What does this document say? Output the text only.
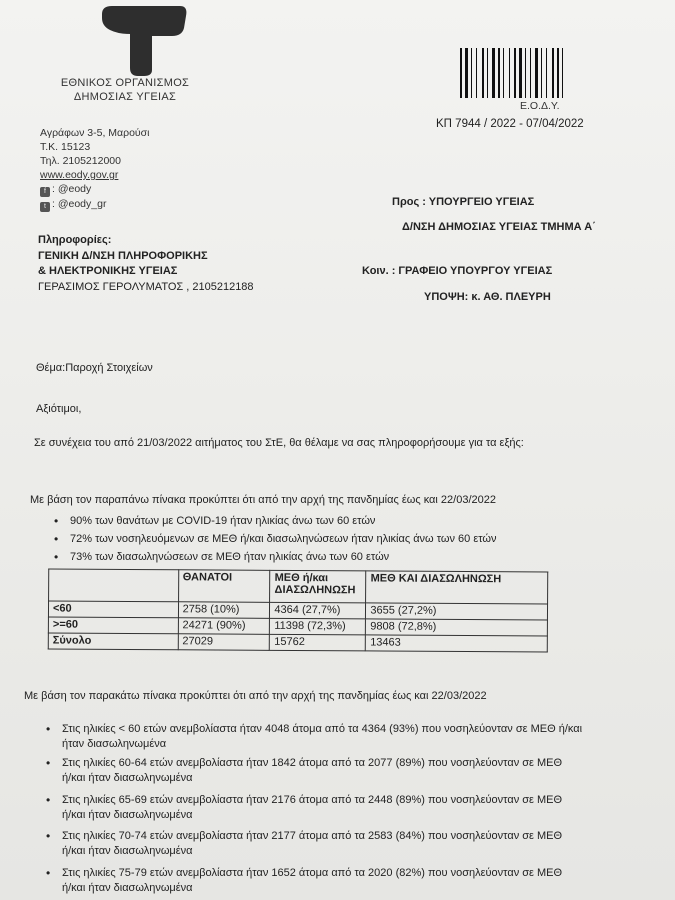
ΕΘΝΙΚΟΣ ΟΡΓΑΝΙΣΜΟΣ
ΔΗΜΟΣΙΑΣ ΥΓΕΙΑΣ
Αγράφων 3-5, Μαρούσι
Τ.Κ. 15123
Τηλ. 2105212000
www.eody.gov.gr
f : @eody
t : @eody_gr
Ε.Ο.Δ.Υ.
ΚΠ 7944 / 2022 - 07/04/2022
Προς : ΥΠΟΥΡΓΕΙΟ ΥΓΕΙΑΣ
Δ/ΝΣΗ ΔΗΜΟΣΙΑΣ ΥΓΕΙΑΣ ΤΜΗΜΑ Α΄
Κοιν. : ΓΡΑΦΕΙΟ ΥΠΟΥΡΓΟΥ ΥΓΕΙΑΣ
ΥΠΟΨΗ: κ. ΑΘ. ΠΛΕΥΡΗ
Πληροφορίες:
ΓΕΝΙΚΗ Δ/ΝΣΗ ΠΛΗΡΟΦΟΡΙΚΗΣ
& ΗΛΕΚΤΡΟΝΙΚΗΣ ΥΓΕΙΑΣ
ΓΕΡΑΣΙΜΟΣ ΓΕΡΟΛΥΜΑΤΟΣ , 2105212188
Θέμα:Παροχή Στοιχείων
Αξιότιμοι,
Σε συνέχεια του από 21/03/2022 αιτήματος του ΣτΕ, θα θέλαμε να σας πληροφορήσουμε για τα εξής:
Με βάση τον παραπάνω πίνακα προκύπτει ότι από την αρχή της πανδημίας έως και 22/03/2022
• 90% των θανάτων με COVID-19 ήταν ηλικίας άνω των 60 ετών
• 72% των νοσηλευόμενων σε ΜΕΘ ή/και διασωληνώσεων ήταν ηλικίας άνω των 60 ετών
• 73% των διασωληνώσεων σε ΜΕΘ ήταν ηλικίας άνω των 60 ετών
	ΘΑΝΑΤΟΙ	ΜΕΘ ή/και ΔΙΑΣΩΛΗΝΩΣΗ	ΜΕΘ ΚΑΙ ΔΙΑΣΩΛΗΝΩΣΗ
<60	2758 (10%)	4364 (27,7%)	3655 (27,2%)
>=60	24271 (90%)	11398 (72,3%)	9808 (72,8%)
Σύνολο	27029	15762	13463
Με βάση τον παρακάτω πίνακα προκύπτει ότι από την αρχή της πανδημίας έως και 22/03/2022
• Στις ηλικίες < 60 ετών ανεμβολίαστα ήταν 4048 άτομα από τα 4364 (93%) που νοσηλεύονταν σε ΜΕΘ ή/και
ήταν διασωληνωμένα
• Στις ηλικίες 60-64 ετών ανεμβολίαστα ήταν 1842 άτομα από τα 2077 (89%) που νοσηλεύονταν σε ΜΕΘ
ή/και ήταν διασωληνωμένα
• Στις ηλικίες 65-69 ετών ανεμβολίαστα ήταν 2176 άτομα από τα 2448 (89%) που νοσηλεύονταν σε ΜΕΘ
ή/και ήταν διασωληνωμένα
• Στις ηλικίες 70-74 ετών ανεμβολίαστα ήταν 2177 άτομα από τα 2583 (84%) που νοσηλεύονταν σε ΜΕΘ
ή/και ήταν διασωληνωμένα
• Στις ηλικίες 75-79 ετών ανεμβολίαστα ήταν 1652 άτομα από τα 2020 (82%) που νοσηλεύονταν σε ΜΕΘ
ή/και ήταν διασωληνωμένα
